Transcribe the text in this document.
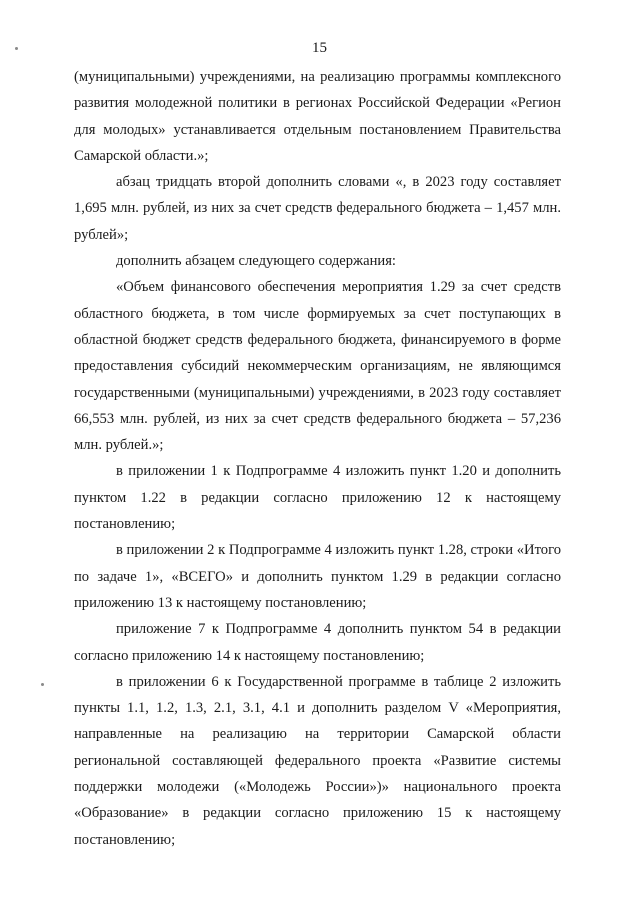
15

(муниципальными) учреждениями, на реализацию программы комплексного развития молодежной политики в регионах Российской Федерации «Регион для молодых» устанавливается отдельным постановлением Правительства Самарской области.»;

абзац тридцать второй дополнить словами «, в 2023 году составляет 1,695 млн. рублей, из них за счет средств федерального бюджета – 1,457 млн. рублей»;

дополнить абзацем следующего содержания:

«Объем финансового обеспечения мероприятия 1.29 за счет средств областного бюджета, в том числе формируемых за счет поступающих в областной бюджет средств федерального бюджета, финансируемого в форме предоставления субсидий некоммерческим организациям, не являющимся государственными (муниципальными) учреждениями, в 2023 году составляет 66,553 млн. рублей, из них за счет средств федерального бюджета – 57,236 млн. рублей.»;

в приложении 1 к Подпрограмме 4 изложить пункт 1.20 и дополнить пунктом 1.22 в редакции согласно приложению 12 к настоящему постановлению;

в приложении 2 к Подпрограмме 4 изложить пункт 1.28, строки «Итого по задаче 1», «ВСЕГО» и дополнить пунктом 1.29 в редакции согласно приложению 13 к настоящему постановлению;

приложение 7 к Подпрограмме 4 дополнить пунктом 54 в редакции согласно приложению 14 к настоящему постановлению;

в приложении 6 к Государственной программе в таблице 2 изложить пункты 1.1, 1.2, 1.3, 2.1, 3.1, 4.1 и дополнить разделом V «Мероприятия, направленные на реализацию на территории Самарской области региональной составляющей федерального проекта «Развитие системы поддержки молодежи («Молодежь России»)» национального проекта «Образование» в редакции согласно приложению 15 к настоящему постановлению;
